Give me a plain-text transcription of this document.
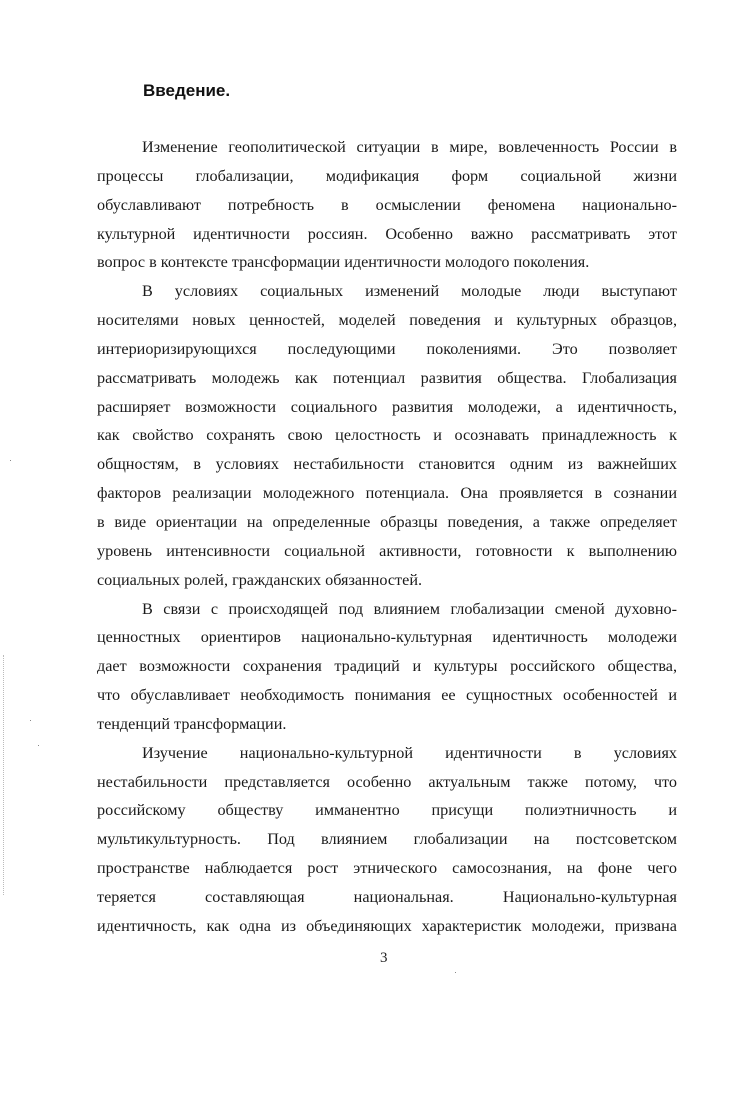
Введение.
Изменение геополитической ситуации в мире, вовлеченность России в
процессы глобализации, модификация форм социальной жизни
обуславливают потребность в осмыслении феномена национально-
культурной идентичности россиян. Особенно важно рассматривать этот
вопрос в контексте трансформации идентичности молодого поколения.
В условиях социальных изменений молодые люди выступают
носителями новых ценностей, моделей поведения и культурных образцов,
интериоризирующихся последующими поколениями. Это позволяет
рассматривать молодежь как потенциал развития общества. Глобализация
расширяет возможности социального развития молодежи, а идентичность,
как свойство сохранять свою целостность и осознавать принадлежность к
общностям, в условиях нестабильности становится одним из важнейших
факторов реализации молодежного потенциала. Она проявляется в сознании
в виде ориентации на определенные образцы поведения, а также определяет
уровень интенсивности социальной активности, готовности к выполнению
социальных ролей, гражданских обязанностей.
В связи с происходящей под влиянием глобализации сменой духовно-
ценностных ориентиров национально-культурная идентичность молодежи
дает возможности сохранения традиций и культуры российского общества,
что обуславливает необходимость понимания ее сущностных особенностей и
тенденций трансформации.
Изучение национально-культурной идентичности в условиях
нестабильности представляется особенно актуальным также потому, что
российскому обществу имманентно присущи полиэтничность и
мультикультурность. Под влиянием глобализации на постсоветском
пространстве наблюдается рост этнического самосознания, на фоне чего
теряется составляющая национальная. Национально-культурная
идентичность, как одна из объединяющих характеристик молодежи, призвана
3
